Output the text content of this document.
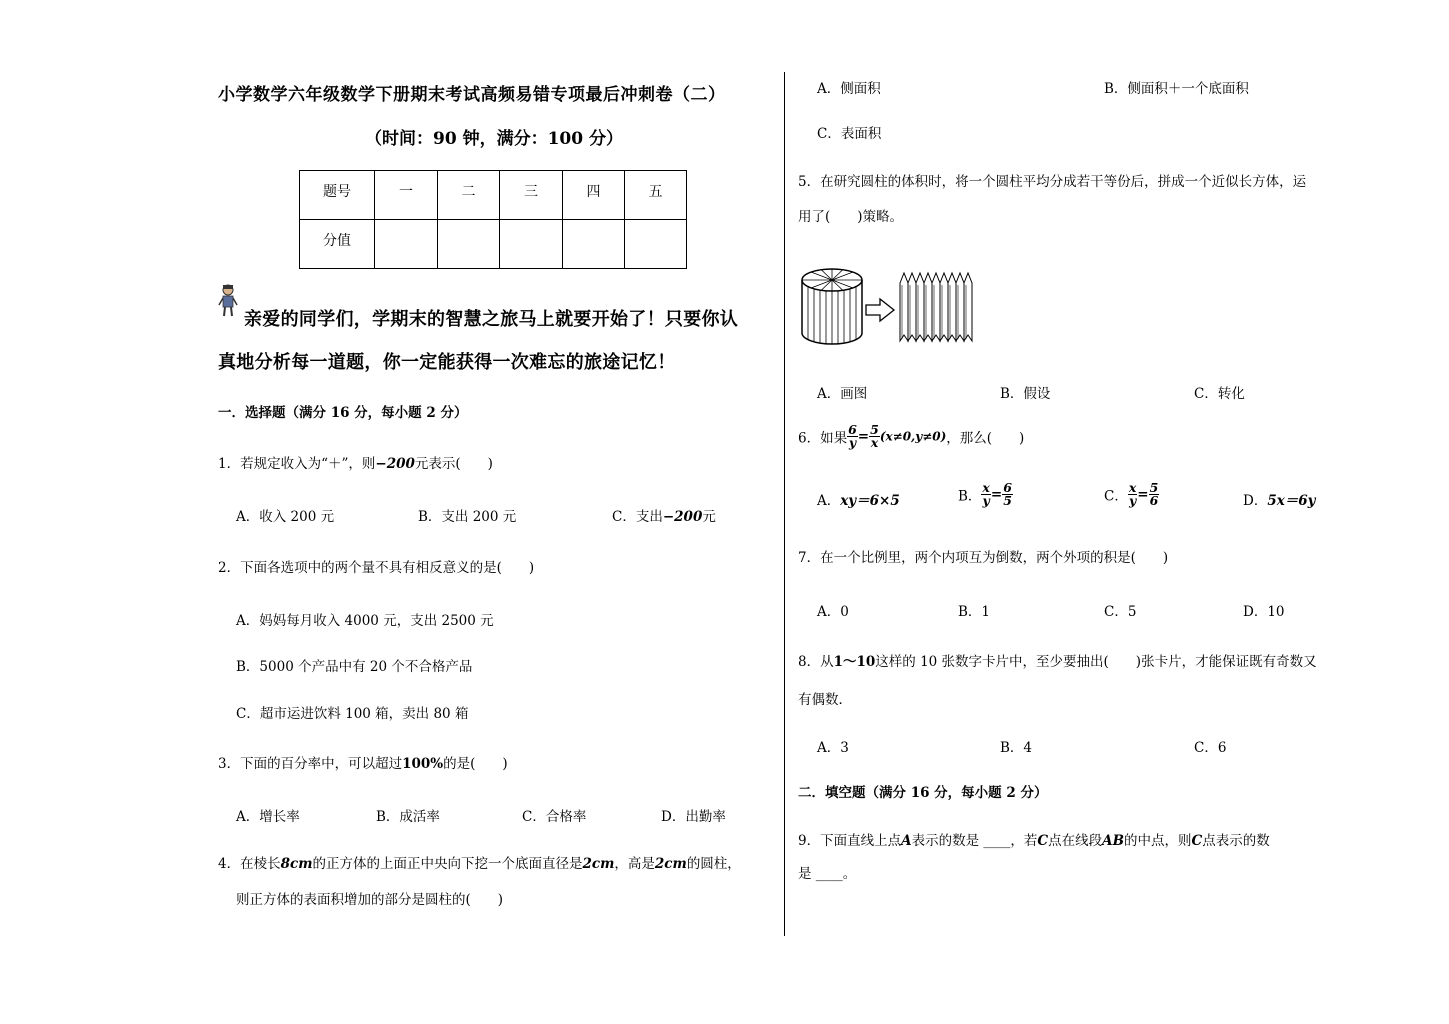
小学数学六年级数学下册期末考试高频易错专项最后冲刺卷（二）
（时间：90 钟，满分：100 分）
题号	一	二	三	四	五
分值					
亲爱的同学们，学期末的智慧之旅马上就要开始了！只要你认
真地分析每一道题，你一定能获得一次难忘的旅途记忆！
一．选择题（满分 16 分，每小题 2 分）
1．若规定收入为“＋”，则−200元表示(　　)
A．收入 200 元	B．支出 200 元	C．支出−200元
2．下面各选项中的两个量不具有相反意义的是(　　)
A．妈妈每月收入 4000 元，支出 2500 元
B．5000 个产品中有 20 个不合格产品
C．超市运进饮料 100 箱，卖出 80 箱
3．下面的百分率中，可以超过100%的是(　　)
A．增长率	B．成活率	C．合格率	D．出勤率
4．在棱长8cm的正方体的上面正中央向下挖一个底面直径是2cm，高是2cm的圆柱，
则正方体的表面积增加的部分是圆柱的(　　)
A．侧面积	B．侧面积＋一个底面积
C．表面积
5．在研究圆柱的体积时，将一个圆柱平均分成若干等份后，拼成一个近似长方体，运
用了(　　)策略。
A．画图	B．假设	C．转化
6．如果 $\frac{6}{y} = \frac{5}{x} (x\ne 0,y\ne 0)$，那么(　　)
A．xy＝6×5	B． $\frac{x}{y} = \frac{6}{5}$	C． $\frac{x}{y} = \frac{5}{6}$	D．5x＝6y
7．在一个比例里，两个内项互为倒数，两个外项的积是(　　)
A．0	B．1	C．5	D．10
8．从1～10这样的 10 张数字卡片中，至少要抽出(　　)张卡片，才能保证既有奇数又
有偶数．
A．3	B．4	C．6
二．填空题（满分 16 分，每小题 2 分）
9．下面直线上点A表示的数是 ____，若C点在线段AB的中点，则C点表示的数
是 ____。
